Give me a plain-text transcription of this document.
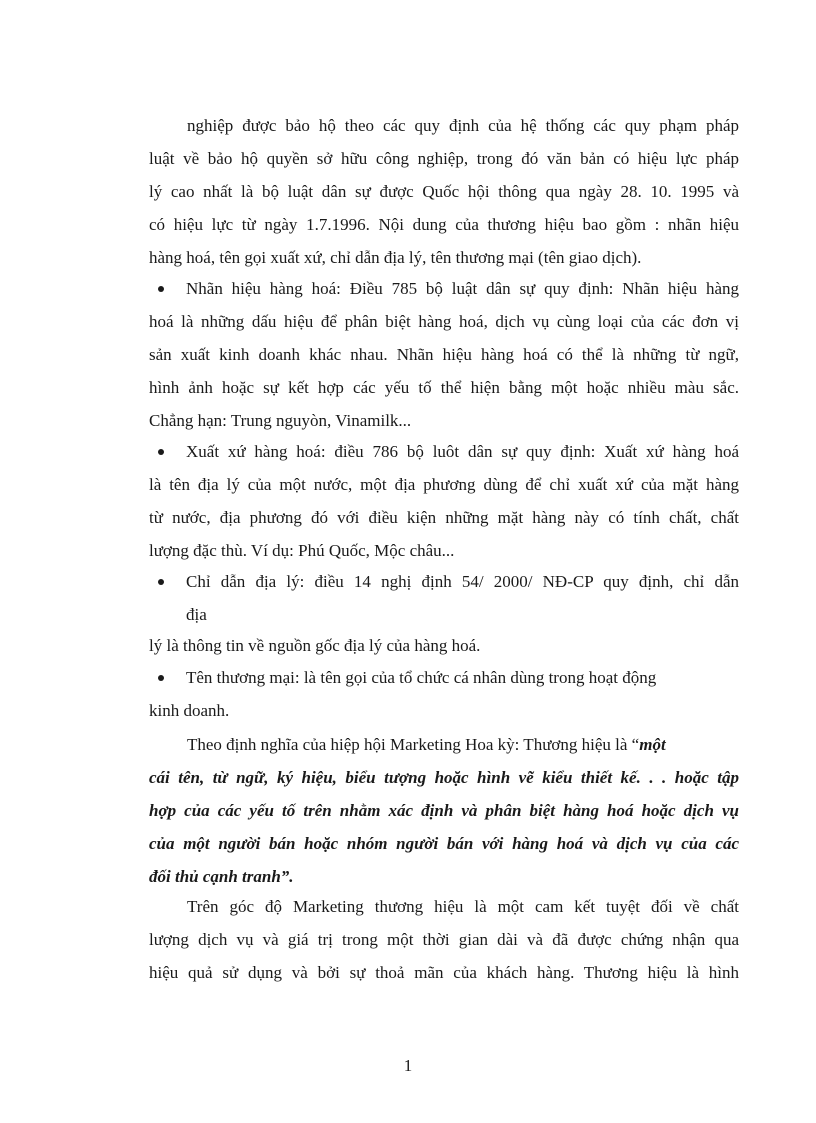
nghiệp được bảo hộ theo các quy định của hệ thống các quy phạm pháp
luật về bảo hộ quyền sở hữu công nghiệp, trong đó văn bản có hiệu lực pháp
lý cao nhất là bộ luật dân sự được Quốc hội thông qua ngày 28. 10. 1995 và
có hiệu lực từ ngày 1.7.1996. Nội dung của thương hiệu bao gồm : nhãn hiệu
hàng hoá, tên gọi xuất xứ, chỉ dẫn địa lý, tên thương mại (tên giao dịch).
Nhãn hiệu hàng hoá: Điều 785 bộ luật dân sự quy định: Nhãn hiệu hàng
hoá là những dấu hiệu để phân biệt hàng hoá, dịch vụ cùng loại của các đơn vị
sản xuất kinh doanh khác nhau. Nhãn hiệu hàng hoá có thể là những từ ngữ,
hình ảnh hoặc sự kết hợp các yếu tố thể hiện bằng một hoặc nhiều màu sắc.
Chẳng hạn: Trung nguyòn, Vinamilk...
Xuất xứ hàng hoá: điều 786 bộ luôt dân sự quy định: Xuất xứ hàng hoá
là tên địa lý của một nước, một địa phương dùng để chỉ xuất xứ của mặt hàng
từ nước, địa phương đó với điều kiện những mặt hàng này có tính chất, chất
lượng đặc thù. Ví dụ: Phú Quốc, Mộc châu...
Chỉ dẫn địa lý: điều 14 nghị định 54/ 2000/ NĐ-CP quy định, chỉ dẫn
địa
lý là thông tin về nguồn gốc địa lý của hàng hoá.
Tên thương mại: là tên gọi của tổ chức cá nhân dùng trong hoạt động
kinh doanh.
Theo định nghĩa của hiệp hội Marketing Hoa kỳ: Thương hiệu là “một
cái tên, từ ngữ, ký hiệu, biểu tượng hoặc hình vẽ kiểu thiết kế. . . hoặc tập
hợp của các yếu tố trên nhằm xác định và phân biệt hàng hoá hoặc dịch vụ
của một người bán hoặc nhóm người bán với hàng hoá và dịch vụ của các
đối thủ cạnh tranh”.
Trên góc độ Marketing thương hiệu là một cam kết tuyệt đối về chất
lượng dịch vụ và giá trị trong một thời gian dài và đã được chứng nhận qua
hiệu quả sử dụng và bởi sự thoả mãn của khách hàng. Thương hiệu là hình
1
